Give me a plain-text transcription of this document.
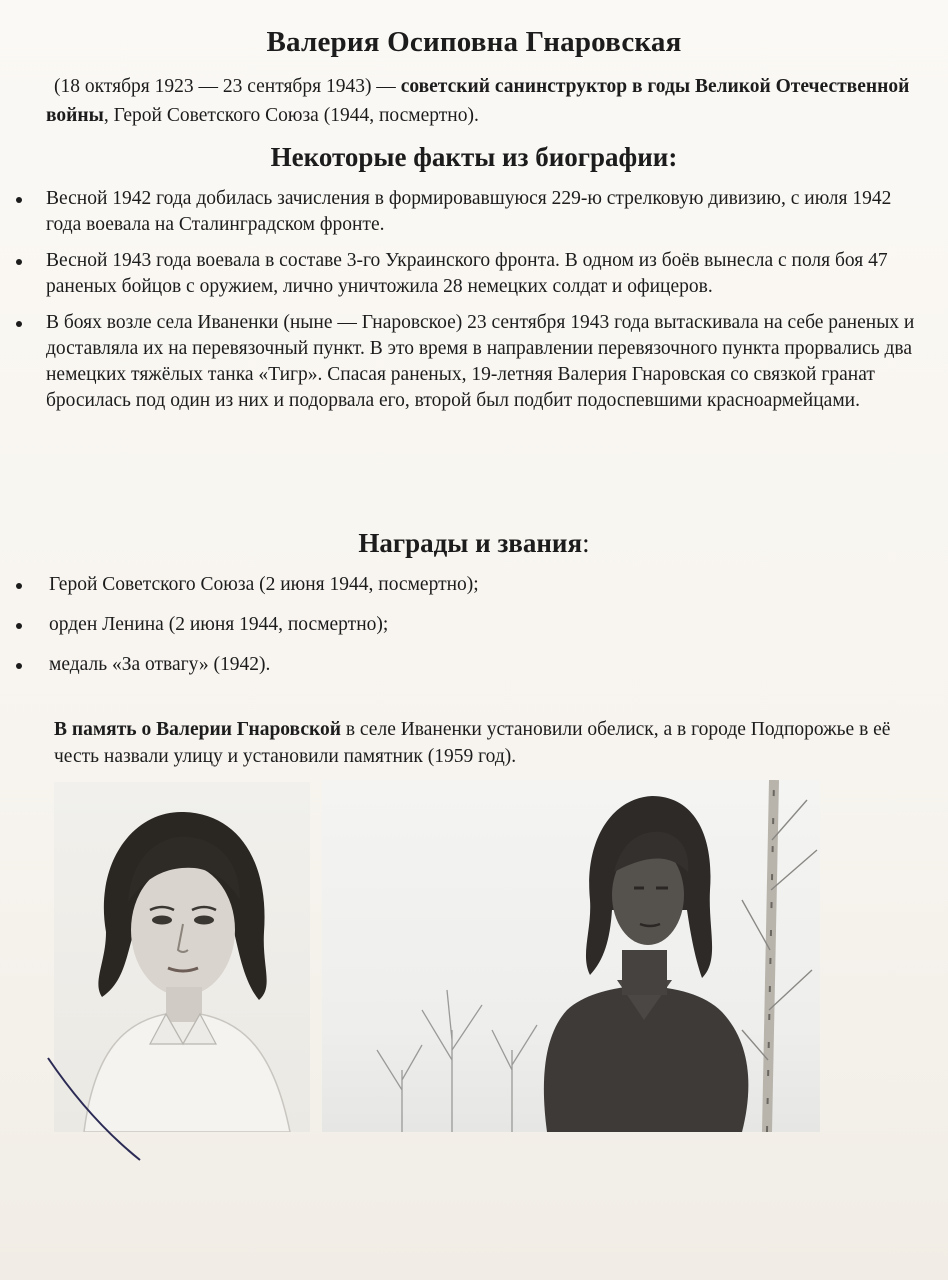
Валерия Осиповна Гнаровская
(18 октября 1923 — 23 сентября 1943) — советский санинструктор в годы Великой Отечественной войны, Герой Советского Союза (1944, посмертно).
Некоторые факты из биографии:
Весной 1942 года добилась зачисления в формировавшуюся 229-ю стрелковую дивизию, с июля 1942 года воевала на Сталинградском фронте.
Весной 1943 года воевала в составе 3-го Украинского фронта. В одном из боёв вынесла с поля боя 47 раненых бойцов с оружием, лично уничтожила 28 немецких солдат и офицеров.
В боях возле села Иваненки (ныне — Гнаровское) 23 сентября 1943 года вытаскивала на себе раненых и доставляла их на перевязочный пункт. В это время в направлении перевязочного пункта прорвались два немецких тяжёлых танка «Тигр». Спасая раненых, 19-летняя Валерия Гнаровская со связкой гранат бросилась под один из них и подорвала его, второй был подбит подоспевшими красноармейцами.
Награды и звания:
Герой Советского Союза (2 июня 1944, посмертно);
орден Ленина (2 июня 1944, посмертно);
медаль «За отвагу» (1942).
В память о Валерии Гнаровской в селе Иваненки установили обелиск, а в городе Подпорожье в её честь назвали улицу и установили памятник (1959 год).
